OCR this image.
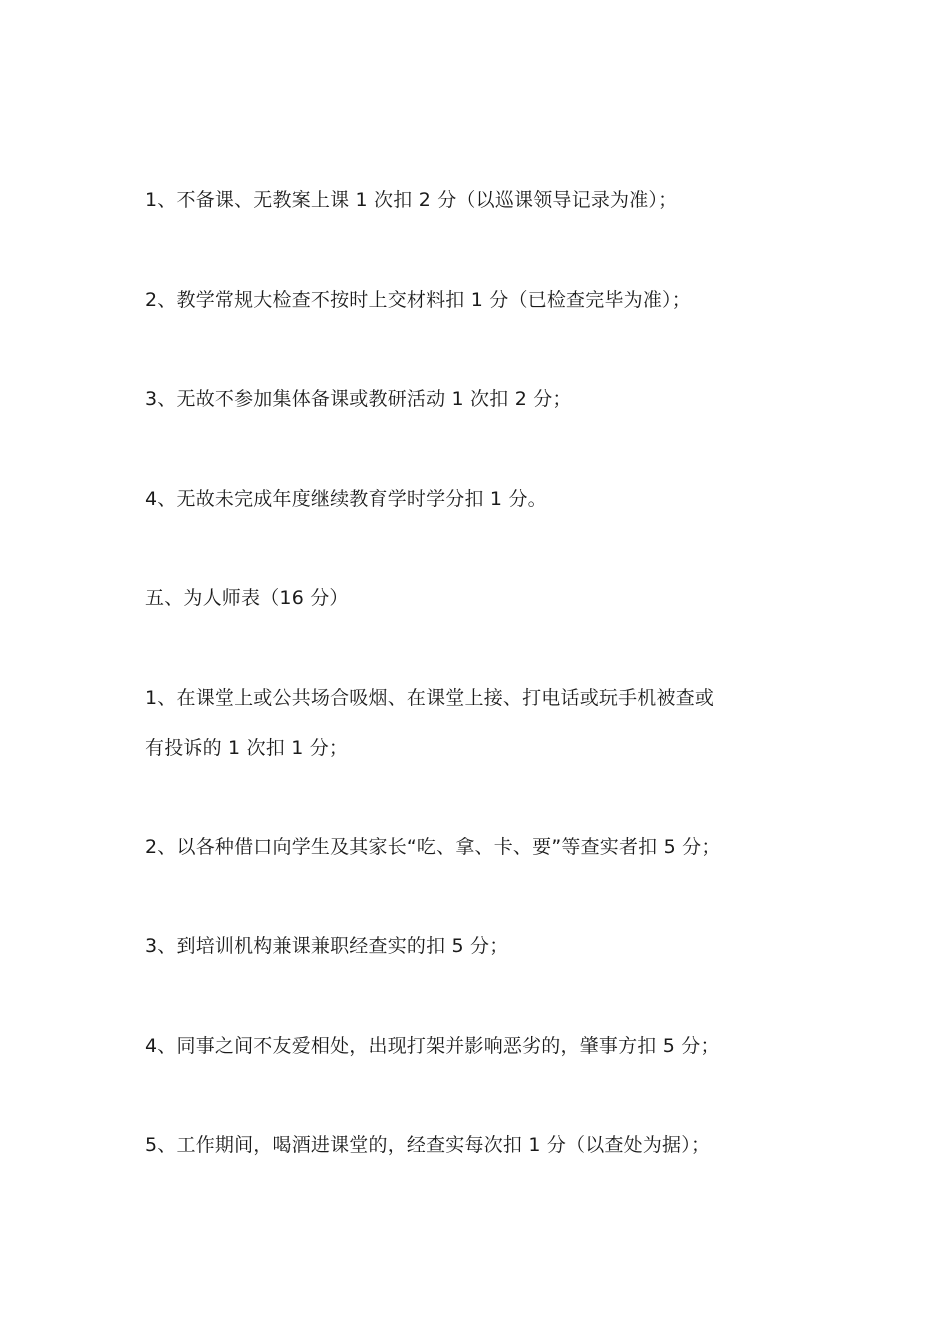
1、不备课、无教案上课 1 次扣 2 分（以巡课领导记录为准）；
2、教学常规大检查不按时上交材料扣 1 分（已检查完毕为准）；
3、无故不参加集体备课或教研活动 1 次扣 2 分；
4、无故未完成年度继续教育学时学分扣 1 分。
五、为人师表（16 分）
1、在课堂上或公共场合吸烟、在课堂上接、打电话或玩手机被查或
有投诉的 1 次扣 1 分；
2、以各种借口向学生及其家长“吃、拿、卡、要”等查实者扣 5 分；
3、到培训机构兼课兼职经查实的扣 5 分；
4、同事之间不友爱相处，出现打架并影响恶劣的，肇事方扣 5 分；
5、工作期间，喝酒进课堂的，经查实每次扣 1 分（以查处为据）；
